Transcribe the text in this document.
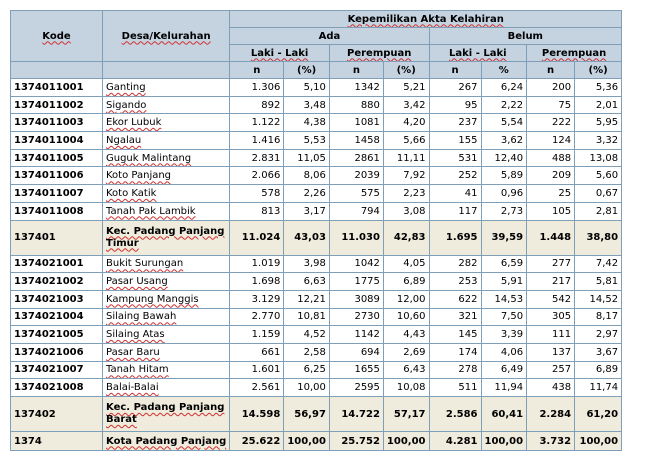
Kode	Desa/Kelurahan	Kepemilikan Akta Kelahiran							
		Ada				Belum			
		Laki - Laki		Perempuan		Laki - Laki		Perempuan	
		n	(%)	n	(%)	n	%	n	(%)
1374011001	Ganting	1.306	5,10	1342	5,21	267	6,24	200	5,36
1374011002	Sigando	892	3,48	880	3,42	95	2,22	75	2,01
1374011003	Ekor Lubuk	1.122	4,38	1081	4,20	237	5,54	222	5,95
1374011004	Ngalau	1.416	5,53	1458	5,66	155	3,62	124	3,32
1374011005	Guguk Malintang	2.831	11,05	2861	11,11	531	12,40	488	13,08
1374011006	Koto Panjang	2.066	8,06	2039	7,92	252	5,89	209	5,60
1374011007	Koto Katik	578	2,26	575	2,23	41	0,96	25	0,67
1374011008	Tanah Pak Lambik	813	3,17	794	3,08	117	2,73	105	2,81
137401	Kec. Padang Panjang Timur	11.024	43,03	11.030	42,83	1.695	39,59	1.448	38,80
1374021001	Bukit Surungan	1.019	3,98	1042	4,05	282	6,59	277	7,42
1374021002	Pasar Usang	1.698	6,63	1775	6,89	253	5,91	217	5,81
1374021003	Kampung Manggis	3.129	12,21	3089	12,00	622	14,53	542	14,52
1374021004	Silaing Bawah	2.770	10,81	2730	10,60	321	7,50	305	8,17
1374021005	Silaing Atas	1.159	4,52	1142	4,43	145	3,39	111	2,97
1374021006	Pasar Baru	661	2,58	694	2,69	174	4,06	137	3,67
1374021007	Tanah Hitam	1.601	6,25	1655	6,43	278	6,49	257	6,89
1374021008	Balai-Balai	2.561	10,00	2595	10,08	511	11,94	438	11,74
137402	Kec. Padang Panjang Barat	14.598	56,97	14.722	57,17	2.586	60,41	2.284	61,20
1374	Kota Padang Panjang	25.622	100,00	25.752	100,00	4.281	100,00	3.732	100,00
